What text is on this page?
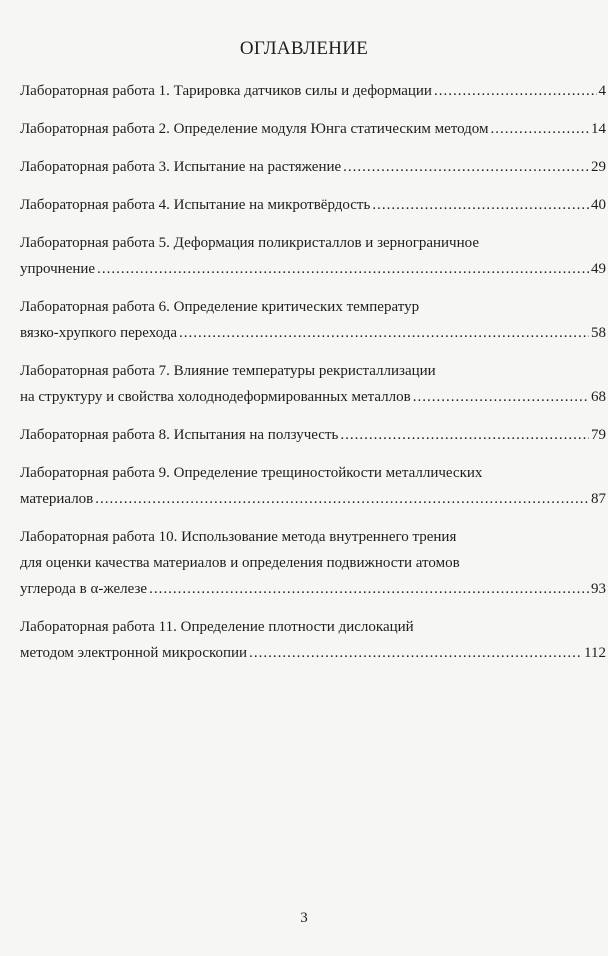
ОГЛАВЛЕНИЕ
Лабораторная работа 1. Тарировка датчиков силы и деформации .....	4
Лабораторная работа 2. Определение модуля Юнга статическим методом .....	14
Лабораторная работа 3. Испытание на растяжение .....	29
Лабораторная работа 4. Испытание на микротвёрдость .....	40
Лабораторная работа 5. Деформация поликристаллов и зернограничное
упрочнение .....	49
Лабораторная работа 6. Определение критических температур
вязко-хрупкого перехода .....	58
Лабораторная работа 7. Влияние температуры рекристаллизации
на структуру и свойства холоднодеформированных металлов .....	68
Лабораторная работа 8. Испытания на ползучесть .....	79
Лабораторная работа 9. Определение трещиностойкости металлических
материалов .....	87
Лабораторная работа 10. Использование метода внутреннего трения
для оценки качества материалов и определения подвижности атомов
углерода в α-железе .....	93
Лабораторная работа 11. Определение плотности дислокаций
методом электронной микроскопии .....	112
3
